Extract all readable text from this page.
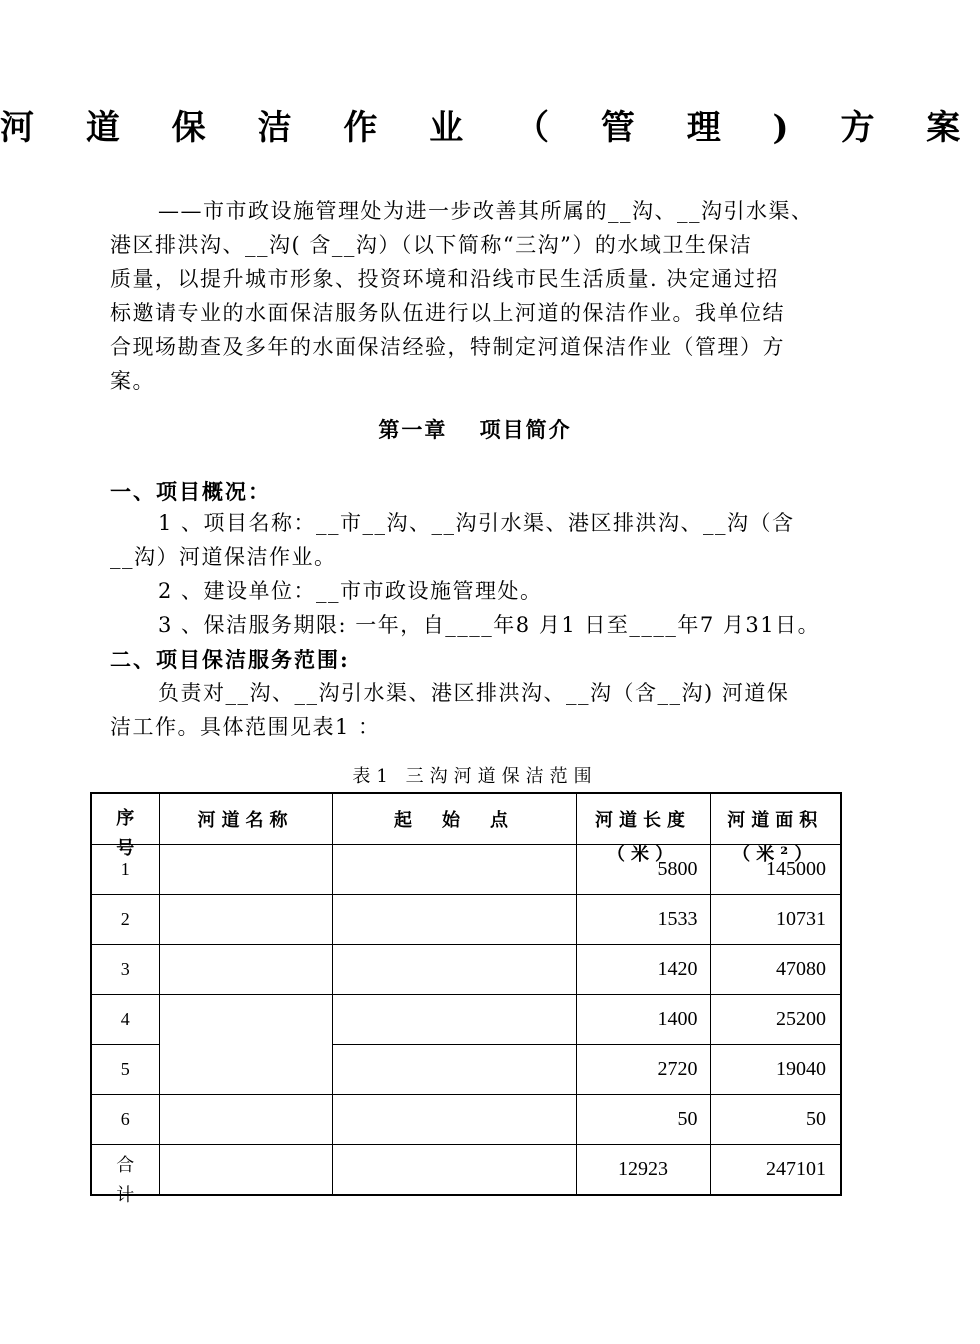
河 道 保 洁 作 业 （ 管 理 ) 方 案
——市市政设施管理处为进一步改善其所属的__沟、__沟引水渠、
港区排洪沟、__沟( 含__沟）（以下简称“三沟”）的水域卫生保洁
质量，以提升城市形象、投资环境和沿线市民生活质量. 决定通过招
标邀请专业的水面保洁服务队伍进行以上河道的保洁作业。我单位结
合现场勘查及多年的水面保洁经验，特制定河道保洁作业（管理）方
案。
第一章　 项目简介
一、项目概况：
1 、项目名称：__市__沟、__沟引水渠、港区排洪沟、__沟（含
__沟）河道保洁作业。
2 、建设单位：__市市政设施管理处。
3 、保洁服务期限: 一年，自____年8 月1 日至____年7 月31日。
二、项目保洁服务范围:
负责对__沟、__沟引水渠、港区排洪沟、__沟（含__沟) 河道保
洁工作。具体范围见表1 ：
表1 三沟河道保洁范围
序号	河道名称	起　始　点	河道长度（米）	河道面积（米²）

1			5800	145000
2			1533	10731
3			1420	47080
4			1400	25200
5			2720	19040
6			50	50

合计			12923	247101
